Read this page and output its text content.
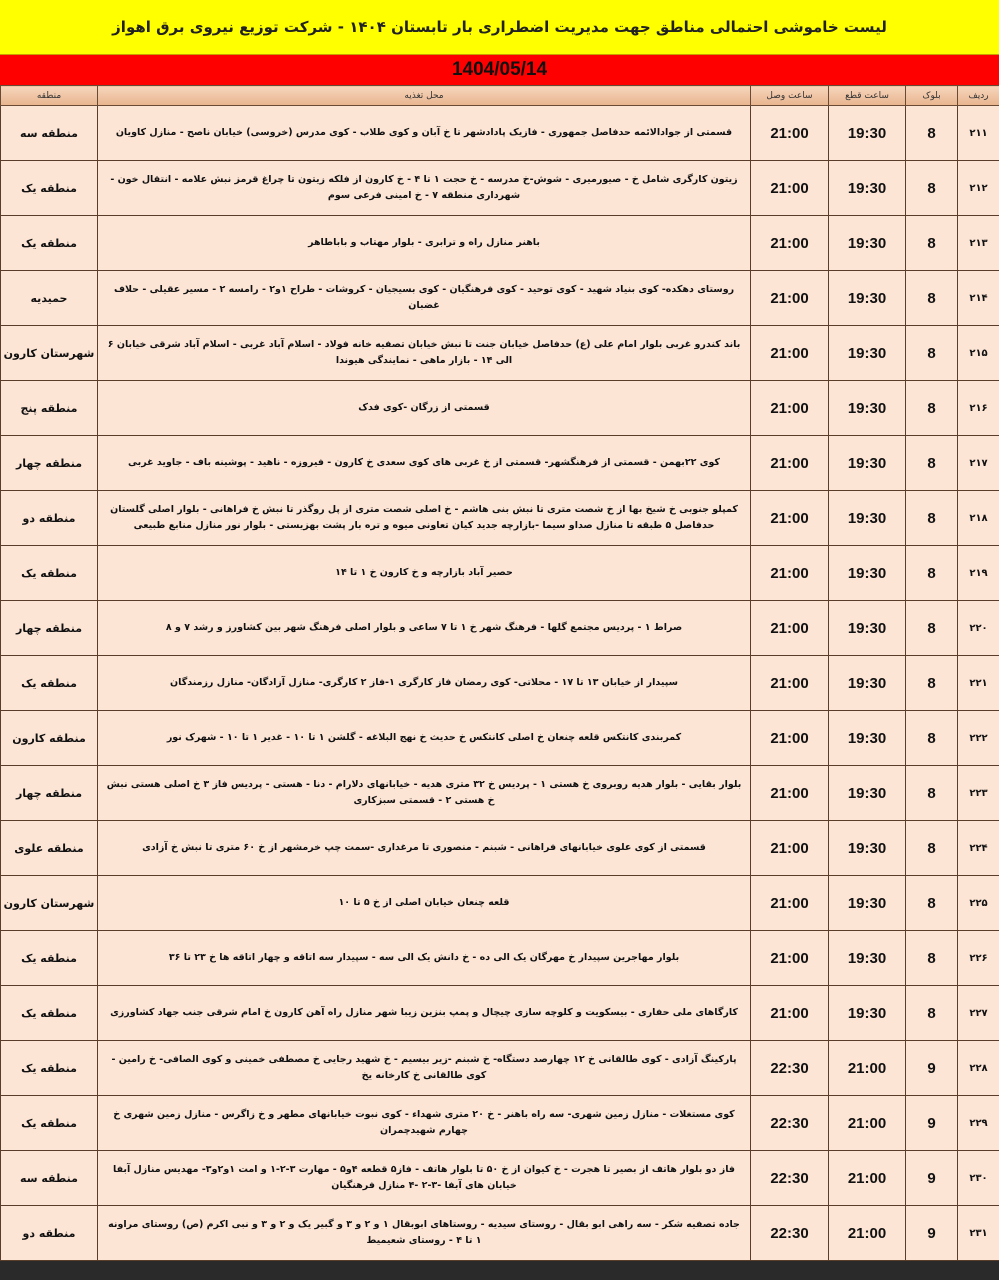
لیست خاموشی احتمالی مناطق جهت مدیریت اضطراری بار تابستان ۱۴۰۴ - شرکت توزیع نیروی برق اهواز
1404/05/14
ردیف	بلوک	ساعت قطع	ساعت وصل	محل تغذیه	منطقه
۲۱۱	8	19:30	21:00	قسمتی از جوادالائمه حدفاصل جمهوری - فازیک پادادشهر تا خ آبان و کوی طلاب - کوی مدرس (خروسی) خیابان ناصح - منازل کاویان	منطقه سه
۲۱۲	8	19:30	21:00	زیتون کارگری شامل خ - صیورمیری - شوش-خ مدرسه - خ حجت ۱ تا ۴ - خ کارون از فلکه زیتون تا چراغ قرمز نبش علامه - انتقال خون - شهرداری منطقه ۷ - خ امینی فرعی سوم	منطقه یک
۲۱۳	8	19:30	21:00	باهنر منازل راه و ترابری - بلوار مهتاب و باباطاهر	منطقه یک
۲۱۴	8	19:30	21:00	روستای دهکده- کوی بنیاد شهید - کوی توحید - کوی فرهنگیان - کوی بسیجیان - کروشات - طراح ۱و۲ - رامسه ۲ - مسیر عقیلی - حلاف غضبان	حمیدیه
۲۱۵	8	19:30	21:00	باند کندرو غربی بلوار امام علی (ع) حدفاصل خیابان جنت تا نبش خیابان تصفیه خانه فولاد - اسلام آباد غربی - اسلام آباد شرقی خیابان ۶ الی ۱۴ - بازار ماهی - نمایندگی هیوندا	شهرستان کارون
۲۱۶	8	19:30	21:00	قسمتی از زرگان -کوی فدک	منطقه پنج
۲۱۷	8	19:30	21:00	کوی ۲۲بهمن - قسمتی از فرهنگشهر- قسمتی از خ غربی های کوی سعدی خ کارون - فیروزه - ناهید - پوشینه باف - جاوید غربی	منطقه چهار
۲۱۸	8	19:30	21:00	کمپلو جنوبی خ شیخ بها از خ شصت متری تا نبش بنی هاشم - خ اصلی شصت متری از پل روگذر تا نبش خ فراهانی - بلوار اصلی گلستان حدفاصل ۵ طبقه تا منازل صداو سیما -بازارچه جدید کیان تعاونی میوه و تره بار پشت بهزیستی - بلوار نور منازل منابع طبیعی	منطقه دو
۲۱۹	8	19:30	21:00	حصیر آباد بازارچه و خ کارون خ ۱ تا ۱۴	منطقه یک
۲۲۰	8	19:30	21:00	صراط ۱ - پردیس مجتمع گلها - فرهنگ شهر خ ۱ تا ۷ ساعی و بلوار اصلی فرهنگ شهر بین کشاورز و رشد ۷ و ۸	منطقه چهار
۲۲۱	8	19:30	21:00	سپیدار از خیابان ۱۳ تا ۱۷ - محلاتی- کوی رمضان فاز کارگری ۱-فاز ۲ کارگری- منازل آزادگان- منازل رزمندگان	منطقه یک
۲۲۲	8	19:30	21:00	کمربندی کانتکس قلعه چنعان خ اصلی کانتکس خ حدیث خ نهج البلاغه - گلشن ۱ تا ۱۰ - غدیر ۱ تا ۱۰ - شهرک نور	منطقه کارون
۲۲۳	8	19:30	21:00	بلوار بقایی - بلوار هدیه روبروی خ هستی ۱ - پردیس خ ۳۲ متری هدیه - خیابانهای دلارام - دنا - هستی - پردیس فاز ۳ خ اصلی هستی نبش خ هستی ۲ - قسمتی سبزکاری	منطقه چهار
۲۲۴	8	19:30	21:00	قسمتی از کوی علوی خیابانهای فراهانی - شبنم - منصوری تا مرغداری -سمت چپ خرمشهر از خ ۶۰ متری تا نبش خ آزادی	منطقه علوی
۲۲۵	8	19:30	21:00	قلعه چنعان خیابان اصلی از خ ۵ تا ۱۰	شهرستان کارون
۲۲۶	8	19:30	21:00	بلوار مهاجرین سپیدار خ مهرگان یک الی ده - خ دانش یک الی سه - سپیدار سه اتاقه و چهار اتاقه ها خ ۲۳ تا ۳۶	منطقه یک
۲۲۷	8	19:30	21:00	کارگاهای ملی حفاری - بیسکویت و کلوچه سازی چیچال و پمپ بنزین زیبا شهر منازل راه آهن کارون خ امام شرقی جنب جهاد کشاورزی	منطقه یک
۲۲۸	9	21:00	22:30	پارکینگ آزادی - کوی طالقانی خ ۱۲ چهارصد دستگاه- خ شبنم -زیر بیسیم - خ شهید رجایی خ مصطفی خمینی و کوی الصافی- خ رامین - کوی طالقانی خ کارخانه یخ	منطقه یک
۲۲۹	9	21:00	22:30	کوی مستغلات - منازل زمین شهری- سه راه باهنر - خ ۲۰ متری شهداء - کوی نبوت خیابانهای مطهر و خ زاگرس - منازل زمین شهری خ چهارم شهیدچمران	منطقه یک
۲۳۰	9	21:00	22:30	فاز دو بلوار هاتف از بصیر تا هجرت - خ کیوان از خ ۵۰ تا بلوار هاتف - فاز۵ قطعه ۴و۵ - مهارت ۳-۲-۱ و امت ۱و۲و۳- مهدیس منازل آبفا خیابان های آبفا -۳-۲ -۴ منازل فرهنگیان	منطقه سه
۲۳۱	9	21:00	22:30	جاده تصفیه شکر - سه راهی ابو بقال - روستای سیدیه - روستاهای ابوبقال ۱ و ۲ و ۳ و گبیر یک و ۲ و ۳ و نبی اکرم (ص) روستای مراونه ۱ تا ۴ - روستای شعیمیط	منطقه دو
